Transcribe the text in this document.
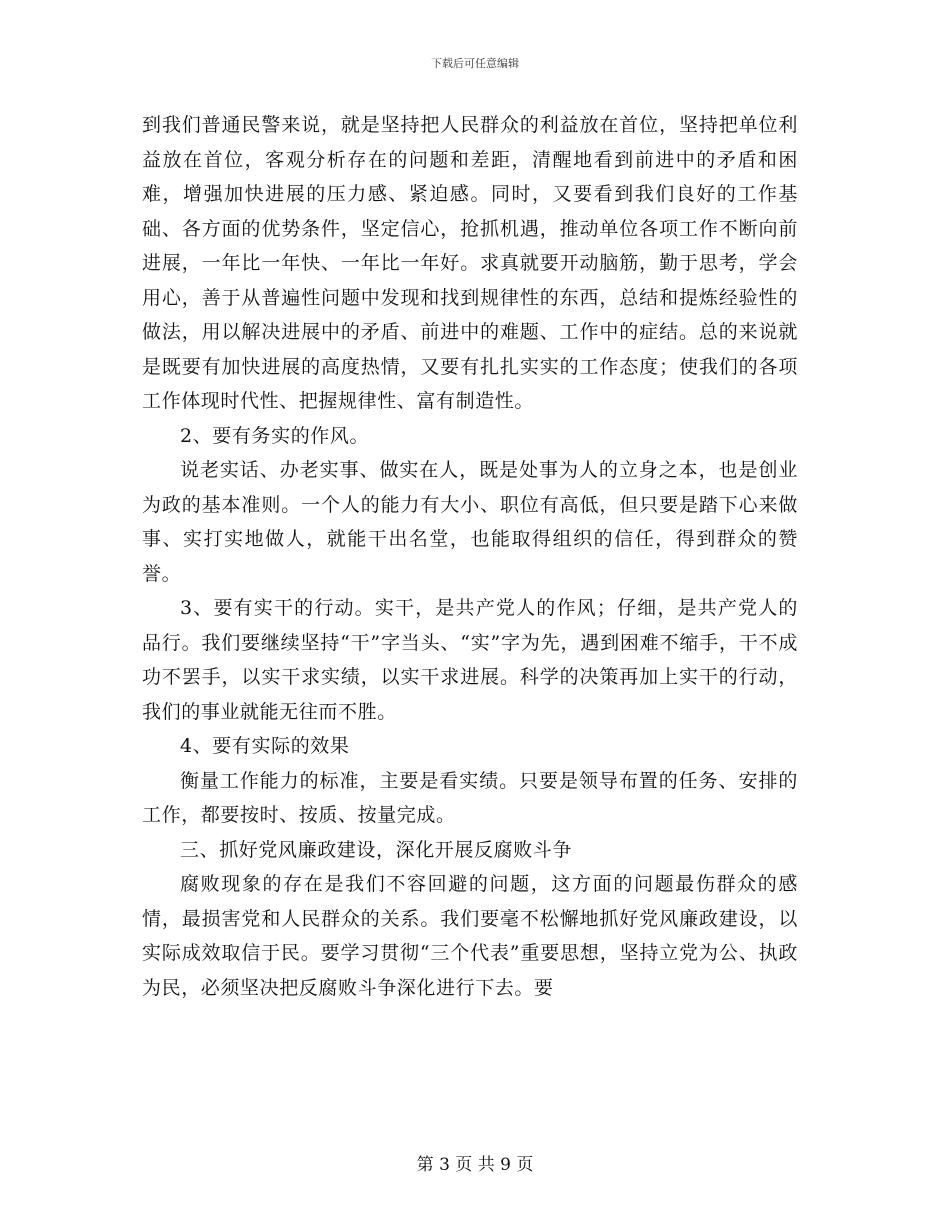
下载后可任意编辑

到我们普通民警来说，就是坚持把人民群众的利益放在首位，坚持把单位利益放在首位，客观分析存在的问题和差距，清醒地看到前进中的矛盾和困难，增强加快进展的压力感、紧迫感。同时，又要看到我们良好的工作基础、各方面的优势条件，坚定信心，抢抓机遇，推动单位各项工作不断向前进展，一年比一年快、一年比一年好。求真就要开动脑筋，勤于思考，学会用心，善于从普遍性问题中发现和找到规律性的东西，总结和提炼经验性的做法，用以解决进展中的矛盾、前进中的难题、工作中的症结。总的来说就是既要有加快进展的高度热情，又要有扎扎实实的工作态度；使我们的各项工作体现时代性、把握规律性、富有制造性。

2、要有务实的作风。

说老实话、办老实事、做实在人，既是处事为人的立身之本，也是创业为政的基本准则。一个人的能力有大小、职位有高低，但只要是踏下心来做事、实打实地做人，就能干出名堂，也能取得组织的信任，得到群众的赞誉。

3、要有实干的行动。实干，是共产党人的作风；仔细，是共产党人的品行。我们要继续坚持“干”字当头、“实”字为先，遇到困难不缩手，干不成功不罢手，以实干求实绩，以实干求进展。科学的决策再加上实干的行动，我们的事业就能无往而不胜。

4、要有实际的效果

衡量工作能力的标准，主要是看实绩。只要是领导布置的任务、安排的工作，都要按时、按质、按量完成。

三、抓好党风廉政建设，深化开展反腐败斗争

腐败现象的存在是我们不容回避的问题，这方面的问题最伤群众的感情，最损害党和人民群众的关系。我们要毫不松懈地抓好党风廉政建设，以实际成效取信于民。要学习贯彻“三个代表”重要思想，坚持立党为公、执政为民，必须坚决把反腐败斗争深化进行下去。要

第 3 页 共 9 页
